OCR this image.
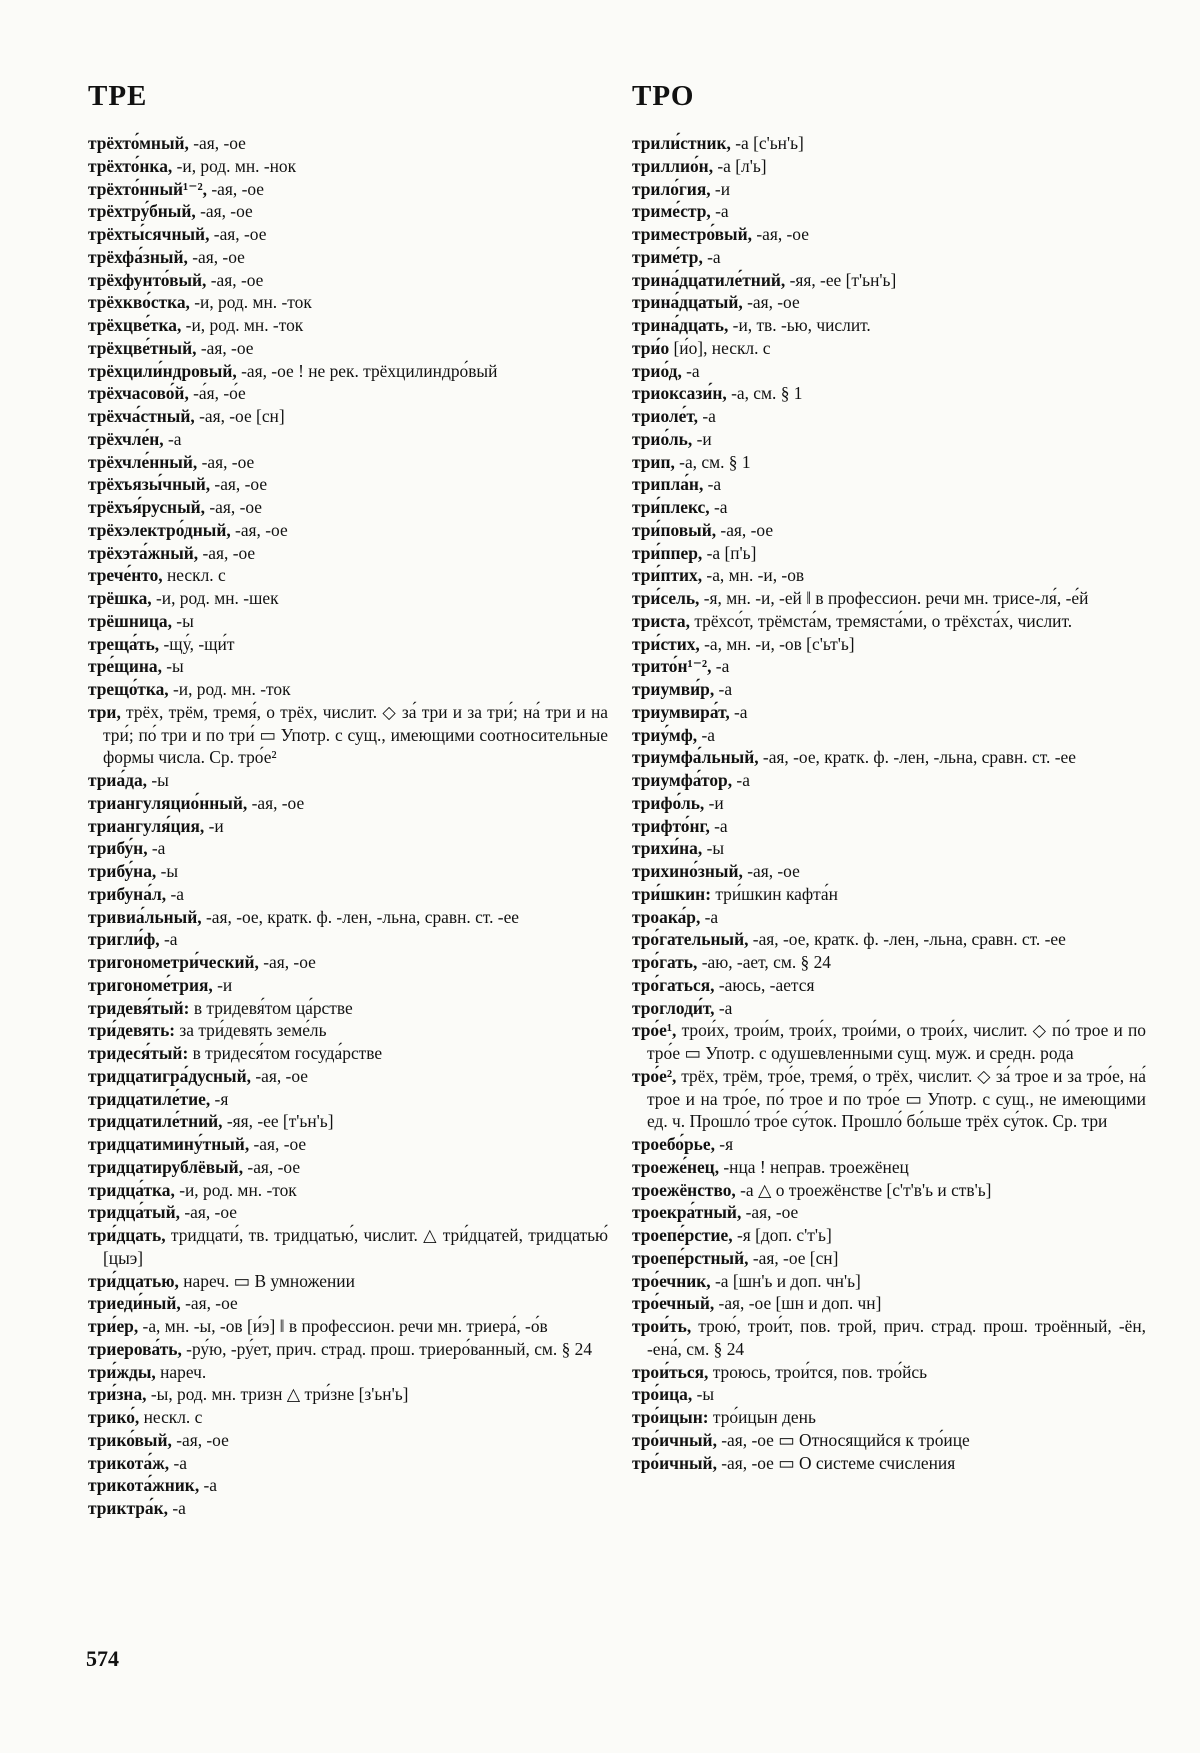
ТРЕ	ТРО

трёхто́мный, -ая, -ое

трёхто́нка, -и, род. мн. -нок

трёхто́нный¹⁻², -ая, -ое

трёхтру́бный, -ая, -ое

трёхты́сячный, -ая, -ое

трёхфа́зный, -ая, -ое

трёхфунто́вый, -ая, -ое

трёхкво́стка, -и, род. мн. -ток

трёхцве́тка, -и, род. мн. -ток

трёхцве́тный, -ая, -ое

трёхцили́ндровый, -ая, -ое ! не рек. трёхцилиндро́вый

трёхчасово́й, -а́я, -о́е

трёхча́стный, -ая, -ое [сн]

трёхчле́н, -а

трёхчле́нный, -ая, -ое

трёхъязы́чный, -ая, -ое

трёхъя́русный, -ая, -ое

трёхэлектро́дный, -ая, -ое

трёхэта́жный, -ая, -ое

трече́нто, нескл. с

трёшка, -и, род. мн. -шек

трёшница, -ы

треща́ть, -щу́, -щи́т

тре́щина, -ы

трещо́тка, -и, род. мн. -ток

три, трёх, трём, тремя́, о трёх, числит. ◇ за́ три и за три́; на́ три и на три́; по́ три и по три́ ▭ Употр. с сущ., имеющими соотносительные формы числа. Ср. тро́е²

триа́да, -ы

триангуляцио́нный, -ая, -ое

триангуля́ция, -и

трибу́н, -а

трибу́на, -ы

трибуна́л, -а

тривиа́льный, -ая, -ое, кратк. ф. -лен, -льна, сравн. ст. -ее

тригли́ф, -а

тригонометри́ческий, -ая, -ое

тригономе́трия, -и

тридевя́тый: в тридевя́том ца́рстве

три́девять: за три́девять земе́ль

тридеся́тый: в тридеся́том госуда́рстве

тридцатигра́дусный, -ая, -ое

тридцатиле́тие, -я

тридцатиле́тний, -яя, -ее [т'ьн'ь]

тридцатимину́тный, -ая, -ое

тридцатирублёвый, -ая, -ое

тридца́тка, -и, род. мн. -ток

тридца́тый, -ая, -ое

три́дцать, тридцати́, тв. тридцатью́, числит. △ три́дцатей, тридцатью́ [цыэ]

три́дцатью, нареч. ▭ В умножении

триеди́ный, -ая, -ое

три́ер, -а, мн. -ы, -ов [и́э] ‖ в профессион. речи мн. триера́, -о́в

триерова́ть, -ру́ю, -ру́ет, прич. страд. прош. триеро́ванный, см. § 24

три́жды, нареч.

три́зна, -ы, род. мн. тризн △ три́зне [з'ьн'ь]

трико́, нескл. с

трико́вый, -ая, -ое

трикота́ж, -а

трикота́жник, -а

триктра́к, -а

трили́стник, -а [с'ьн'ь]

триллио́н, -а [л'ь]

трило́гия, -и

триме́стр, -а

триместро́вый, -ая, -ое

триме́тр, -а

трина́дцатиле́тний, -яя, -ее [т'ьн'ь]

трина́дцатый, -ая, -ое

трина́дцать, -и, тв. -ью, числит.

три́о [и́о], нескл. с

трио́д, -а

триоксази́н, -а, см. § 1

триоле́т, -а

трио́ль, -и

трип, -а, см. § 1

трипла́н, -а

три́плекс, -а

три́повый, -ая, -ое

три́ппер, -а [п'ь]

три́птих, -а, мн. -и, -ов

три́сель, -я, мн. -и, -ей ‖ в профессион. речи мн. трисе-ля́, -е́й

триста, трёхсо́т, трёмста́м, тремяста́ми, о трёхста́х, числит.

три́стих, -а, мн. -и, -ов [с'ьт'ь]

трито́н¹⁻², -а

триумви́р, -а

триумвира́т, -а

триу́мф, -а

триумфа́льный, -ая, -ое, кратк. ф. -лен, -льна, сравн. ст. -ее

триумфа́тор, -а

трифо́ль, -и

трифто́нг, -а

трихи́на, -ы

трихино́зный, -ая, -ое

три́шкин: три́шкин кафта́н

троака́р, -а

тро́гательный, -ая, -ое, кратк. ф. -лен, -льна, сравн. ст. -ее

тро́гать, -аю, -ает, см. § 24

тро́гаться, -аюсь, -ается

троглоди́т, -а

тро́е¹, трои́х, трои́м, трои́х, трои́ми, о трои́х, числит. ◇ по́ трое и по тро́е ▭ Употр. с одушевленными сущ. муж. и средн. рода

тро́е², трёх, трём, тро́е, тремя́, о трёх, числит. ◇ за́ трое и за тро́е, на́ трое и на тро́е, по́ трое и по тро́е ▭ Употр. с сущ., не имеющими ед. ч. Прошло́ тро́е су́ток. Прошло́ бо́льше трёх су́ток. Ср. три

троебо́рье, -я

троеже́нец, -нца ! неправ. троежёнец

троежёнство, -а △ о троежёнстве [с'т'в'ь и ств'ь]

троекра́тный, -ая, -ое

троепе́рстие, -я [доп. с'т'ь]

троепе́рстный, -ая, -ое [сн]

тро́ечник, -а [шн'ь и доп. чн'ь]

тро́ечный, -ая, -ое [шн и доп. чн]

трои́ть, трою́, трои́т, пов. трой, прич. страд. прош. троённый, -ён, -ена́, см. § 24

трои́ться, троюсь, трои́тся, пов. тро́йсь

тро́ица, -ы

тро́ицын: тро́ицын день

тро́ичный, -ая, -ое ▭ Относящийся к тро́ице

тро́ичный, -ая, -ое ▭ О системе счисления

574
